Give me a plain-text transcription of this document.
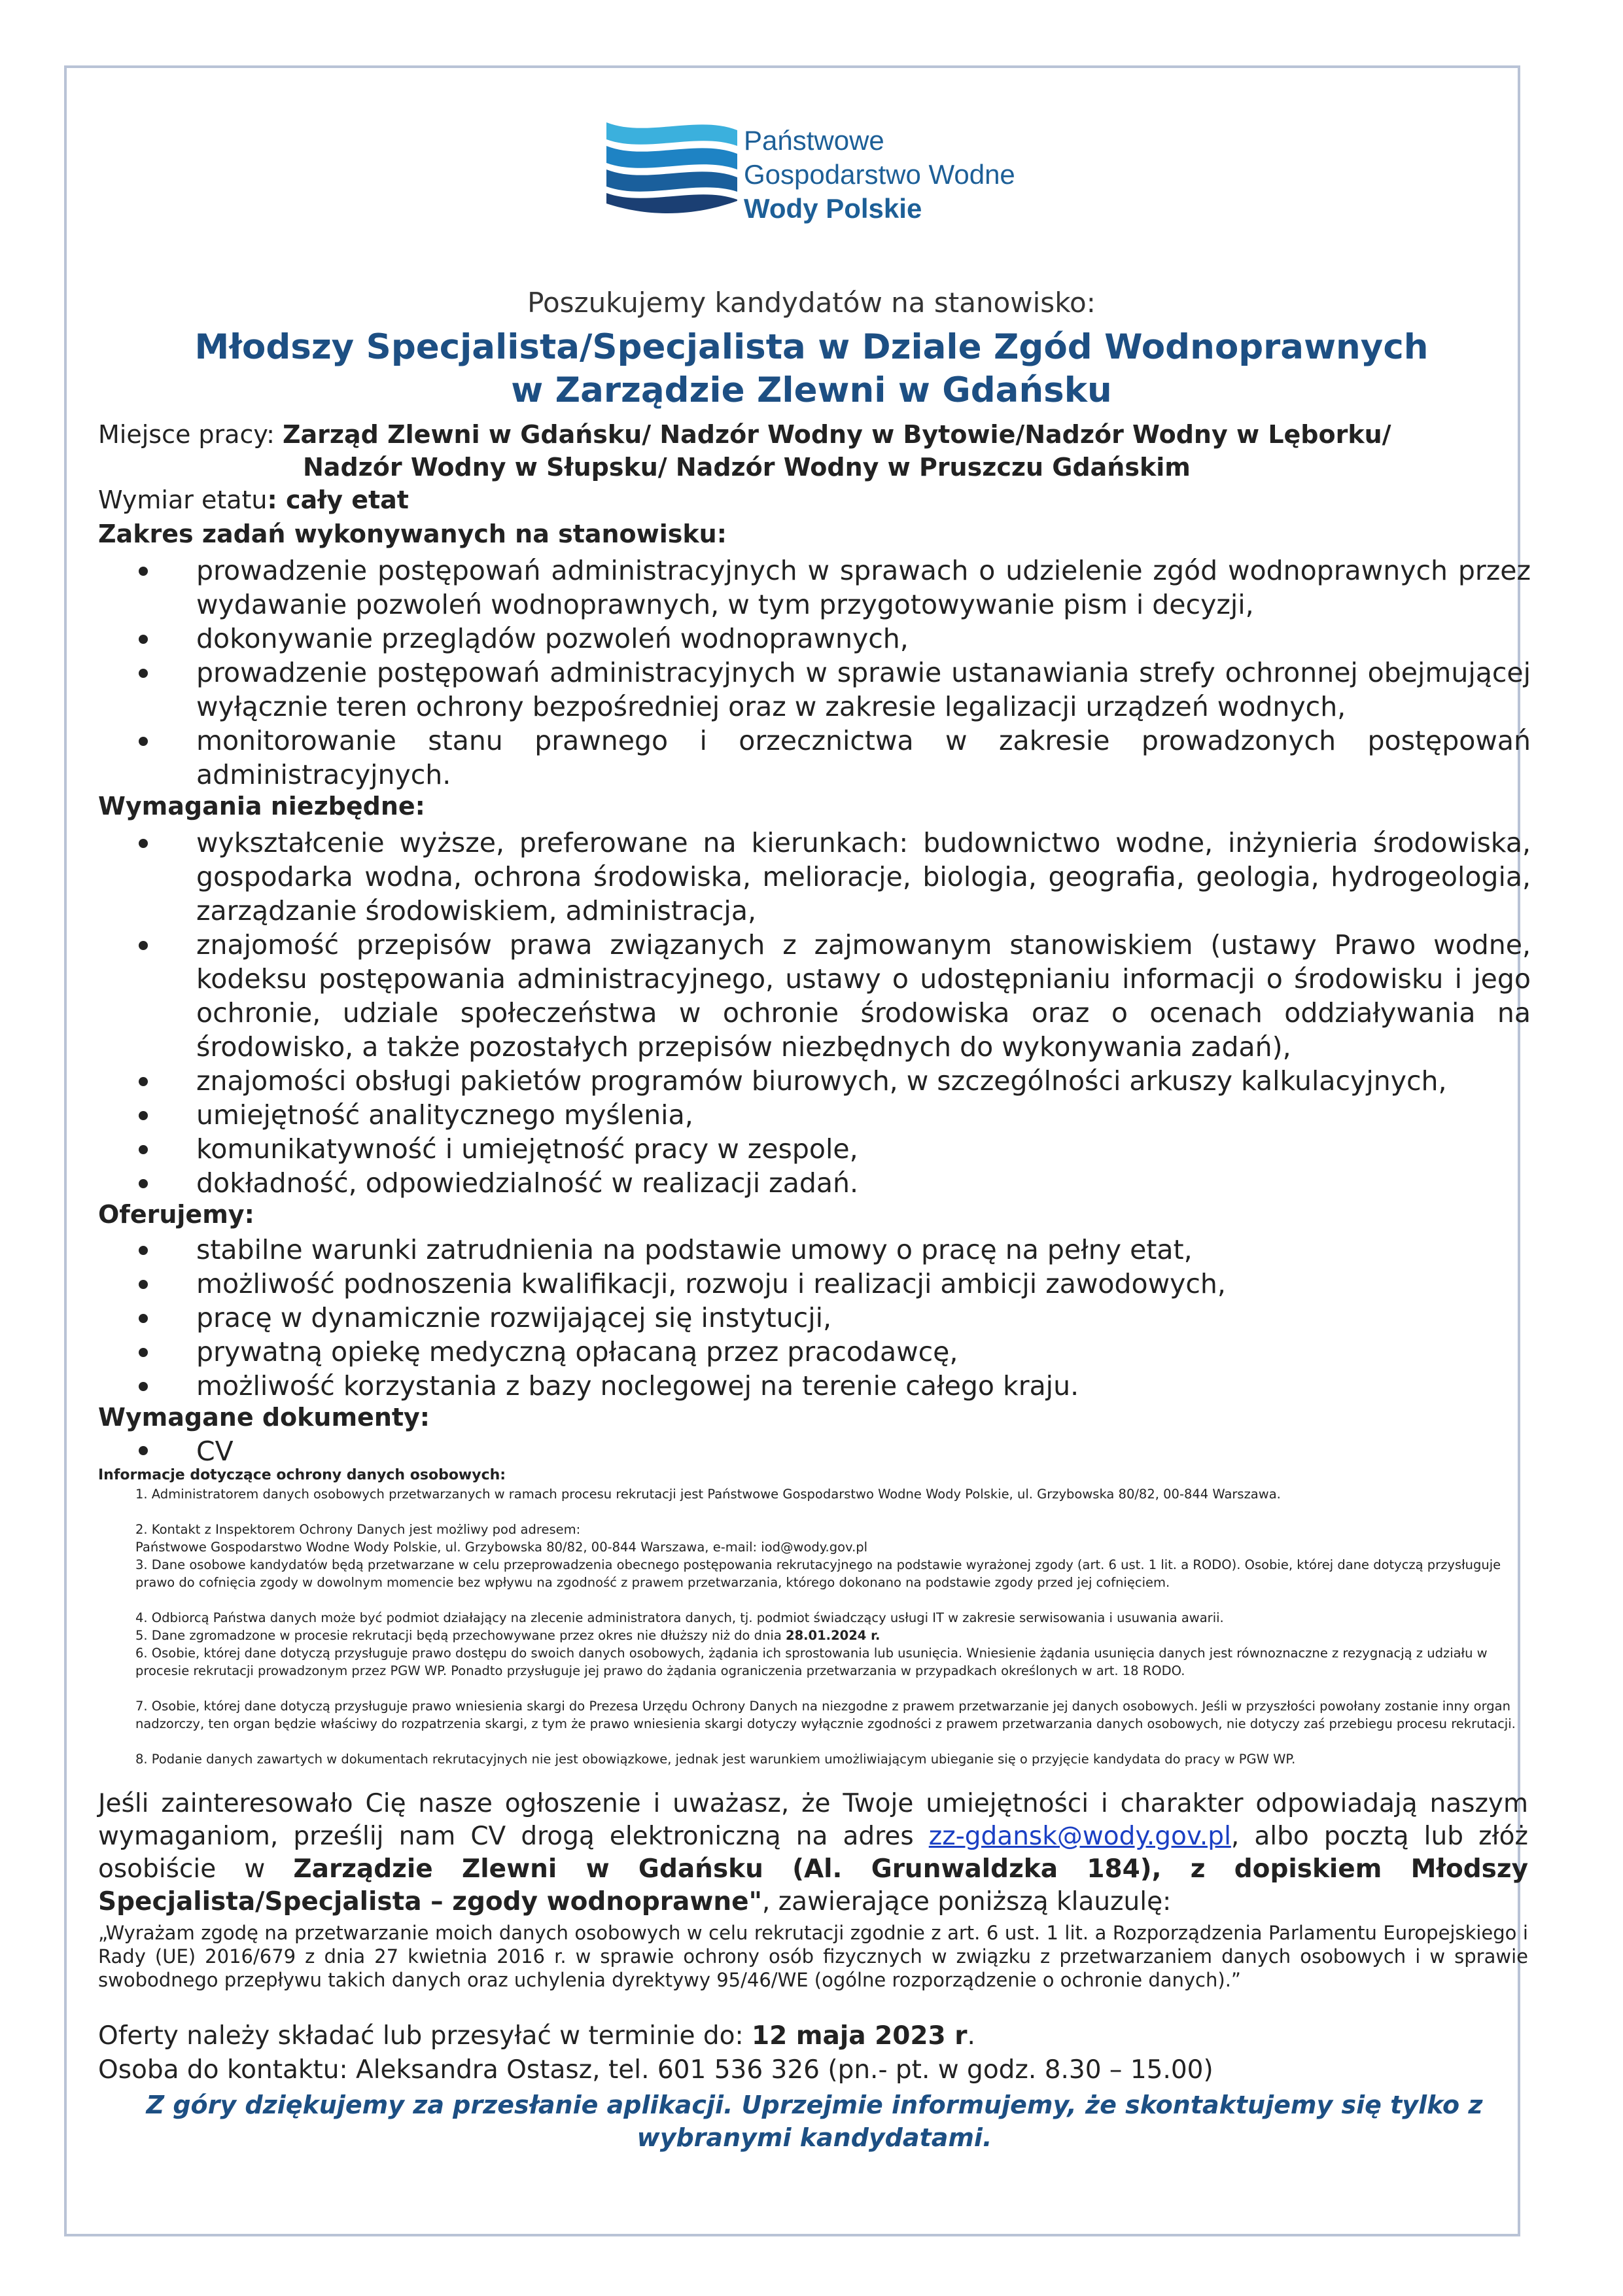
Państwowe
Gospodarstwo Wodne
Wody Polskie
Poszukujemy kandydatów na stanowisko:
Młodszy Specjalista/Specjalista w Dziale Zgód Wodnoprawnych
w Zarządzie Zlewni w Gdańsku
Miejsce pracy: Zarząd Zlewni w Gdańsku/ Nadzór Wodny w Bytowie/Nadzór Wodny w Lęborku/
Nadzór Wodny w Słupsku/ Nadzór Wodny w Pruszczu Gdańskim
Wymiar etatu: cały etat
Zakres zadań wykonywanych na stanowisku:
prowadzenie postępowań administracyjnych w sprawach o udzielenie zgód wodnoprawnych przez wydawanie pozwoleń wodnoprawnych, w tym przygotowywanie pism i decyzji,
dokonywanie przeglądów pozwoleń wodnoprawnych,
prowadzenie postępowań administracyjnych w sprawie ustanawiania strefy ochronnej obejmującej wyłącznie teren ochrony bezpośredniej oraz w zakresie legalizacji urządzeń wodnych,
monitorowanie stanu prawnego i orzecznictwa w zakresie prowadzonych postępowań administracyjnych.
Wymagania niezbędne:
wykształcenie wyższe, preferowane na kierunkach: budownictwo wodne, inżynieria środowiska, gospodarka wodna, ochrona środowiska, melioracje, biologia, geografia, geologia, hydrogeologia, zarządzanie środowiskiem, administracja,
znajomość przepisów prawa związanych z zajmowanym stanowiskiem (ustawy Prawo wodne, kodeksu postępowania administracyjnego, ustawy o udostępnianiu informacji o środowisku i jego ochronie, udziale społeczeństwa w ochronie środowiska oraz o ocenach oddziaływania na środowisko, a także pozostałych przepisów niezbędnych do wykonywania zadań),
znajomości obsługi pakietów programów biurowych, w szczególności arkuszy kalkulacyjnych,
umiejętność analitycznego myślenia,
komunikatywność i umiejętność pracy w zespole,
dokładność, odpowiedzialność w realizacji zadań.
Oferujemy:
stabilne warunki zatrudnienia na podstawie umowy o pracę na pełny etat,
możliwość podnoszenia kwalifikacji, rozwoju i realizacji ambicji zawodowych,
pracę w dynamicznie rozwijającej się instytucji,
prywatną opiekę medyczną opłacaną przez pracodawcę,
możliwość korzystania z bazy noclegowej na terenie całego kraju.
Wymagane dokumenty:
CV
Informacje dotyczące ochrony danych osobowych:
1. Administratorem danych osobowych przetwarzanych w ramach procesu rekrutacji jest Państwowe Gospodarstwo Wodne Wody Polskie, ul. Grzybowska 80/82, 00-844 Warszawa.
2. Kontakt z Inspektorem Ochrony Danych jest możliwy pod adresem:
Państwowe Gospodarstwo Wodne Wody Polskie, ul. Grzybowska 80/82, 00-844 Warszawa, e-mail: iod@wody.gov.pl
3. Dane osobowe kandydatów będą przetwarzane w celu przeprowadzenia obecnego postępowania rekrutacyjnego na podstawie wyrażonej zgody (art. 6 ust. 1 lit. a RODO). Osobie, której dane dotyczą przysługuje prawo do cofnięcia zgody w dowolnym momencie bez wpływu na zgodność z prawem przetwarzania, którego dokonano na podstawie zgody przed jej cofnięciem.
4. Odbiorcą Państwa danych może być podmiot działający na zlecenie administratora danych, tj. podmiot świadczący usługi IT w zakresie serwisowania i usuwania awarii.
5. Dane zgromadzone w procesie rekrutacji będą przechowywane przez okres nie dłuższy niż do dnia 28.01.2024 r.
6. Osobie, której dane dotyczą przysługuje prawo dostępu do swoich danych osobowych, żądania ich sprostowania lub usunięcia. Wniesienie żądania usunięcia danych jest równoznaczne z rezygnacją z udziału w procesie rekrutacji prowadzonym przez PGW WP. Ponadto przysługuje jej prawo do żądania ograniczenia przetwarzania w przypadkach określonych w art. 18 RODO.
7. Osobie, której dane dotyczą przysługuje prawo wniesienia skargi do Prezesa Urzędu Ochrony Danych na niezgodne z prawem przetwarzanie jej danych osobowych. Jeśli w przyszłości powołany zostanie inny organ nadzorczy, ten organ będzie właściwy do rozpatrzenia skargi, z tym że prawo wniesienia skargi dotyczy wyłącznie zgodności z prawem przetwarzania danych osobowych, nie dotyczy zaś przebiegu procesu rekrutacji.
8. Podanie danych zawartych w dokumentach rekrutacyjnych nie jest obowiązkowe, jednak jest warunkiem umożliwiającym ubieganie się o przyjęcie kandydata do pracy w PGW WP.
Jeśli zainteresowało Cię nasze ogłoszenie i uważasz, że Twoje umiejętności i charakter odpowiadają naszym wymaganiom, prześlij nam CV drogą elektroniczną na adres zz-gdansk@wody.gov.pl, albo pocztą lub złóż osobiście w Zarządzie Zlewni w Gdańsku (Al. Grunwaldzka 184), z dopiskiem Młodszy Specjalista/Specjalista – zgody wodnoprawne", zawierające poniższą klauzulę:
„Wyrażam zgodę na przetwarzanie moich danych osobowych w celu rekrutacji zgodnie z art. 6 ust. 1 lit. a Rozporządzenia Parlamentu Europejskiego i Rady (UE) 2016/679 z dnia 27 kwietnia 2016 r. w sprawie ochrony osób fizycznych w związku z przetwarzaniem danych osobowych i w sprawie swobodnego przepływu takich danych oraz uchylenia dyrektywy 95/46/WE (ogólne rozporządzenie o ochronie danych).”
Oferty należy składać lub przesyłać w terminie do: 12 maja 2023 r.
Osoba do kontaktu: Aleksandra Ostasz, tel. 601 536 326 (pn.- pt. w godz. 8.30 – 15.00)
Z góry dziękujemy za przesłanie aplikacji. Uprzejmie informujemy, że skontaktujemy się tylko z wybranymi kandydatami.
